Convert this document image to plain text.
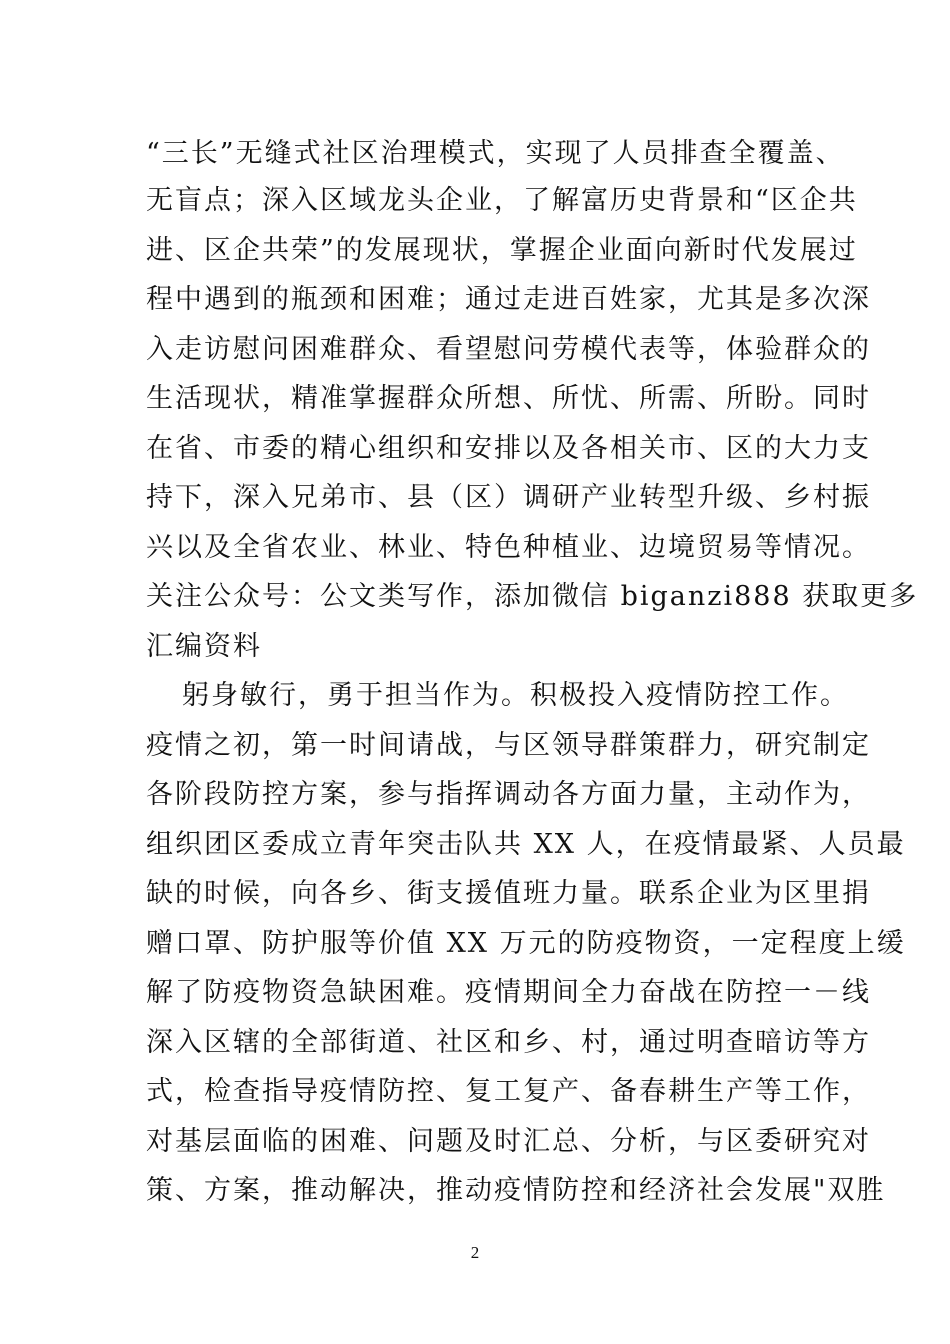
“三长”无缝式社区治理模式，实现了人员排查全覆盖、
无盲点；深入区域龙头企业，了解富历史背景和“区企共
进、区企共荣”的发展现状，掌握企业面向新时代发展过
程中遇到的瓶颈和困难；通过走进百姓家，尤其是多次深
入走访慰问困难群众、看望慰问劳模代表等，体验群众的
生活现状，精准掌握群众所想、所忧、所需、所盼。同时
在省、市委的精心组织和安排以及各相关市、区的大力支
持下，深入兄弟市、县（区）调研产业转型升级、乡村振
兴以及全省农业、林业、特色种植业、边境贸易等情况。
关注公众号：公文类写作，添加微信 biganzi888 获取更多
汇编资料
躬身敏行，勇于担当作为。积极投入疫情防控工作。
疫情之初，第一时间请战，与区领导群策群力，研究制定
各阶段防控方案，参与指挥调动各方面力量，主动作为，
组织团区委成立青年突击队共 XX 人，在疫情最紧、人员最
缺的时候，向各乡、街支援值班力量。联系企业为区里捐
赠口罩、防护服等价值 XX 万元的防疫物资，一定程度上缓
解了防疫物资急缺困难。疫情期间全力奋战在防控一－线
深入区辖的全部街道、社区和乡、村，通过明查暗访等方
式，检查指导疫情防控、复工复产、备春耕生产等工作，
对基层面临的困难、问题及时汇总、分析，与区委研究对
策、方案，推动解决，推动疫情防控和经济社会发展"双胜
2
